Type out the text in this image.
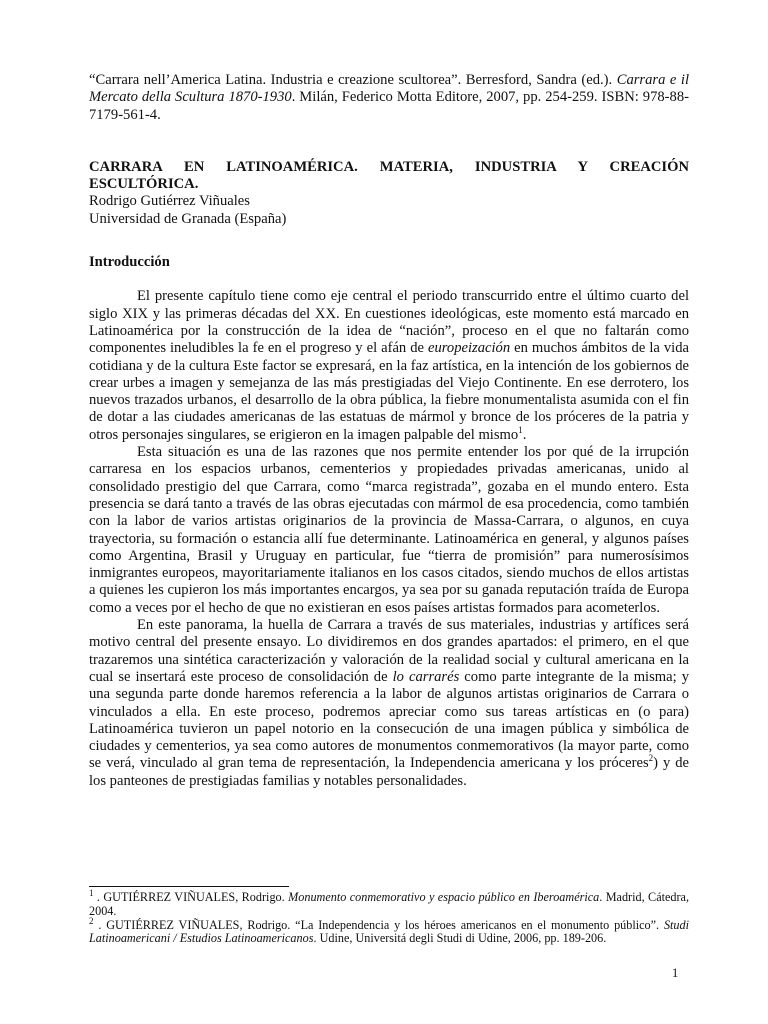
“Carrara nell’America Latina. Industria e creazione scultorea”. Berresford, Sandra (ed.). Carrara e il Mercato della Scultura 1870-1930. Milán, Federico Motta Editore, 2007, pp. 254-259. ISBN: 978-88-7179-561-4.

CARRARA EN LATINOAMÉRICA. MATERIA, INDUSTRIA Y CREACIÓN ESCULTÓRICA.
Rodrigo Gutiérrez Viñuales
Universidad de Granada (España)
Introducción

El presente capítulo tiene como eje central el periodo transcurrido entre el último cuarto del siglo XIX y las primeras décadas del XX. En cuestiones ideológicas, este momento está marcado en Latinoamérica por la construcción de la idea de “nación”, proceso en el que no faltarán como componentes ineludibles la fe en el progreso y el afán de europeización en muchos ámbitos de la vida cotidiana y de la cultura Este factor se expresará, en la faz artística, en la intención de los gobiernos de crear urbes a imagen y semejanza de las más prestigiadas del Viejo Continente. En ese derrotero, los nuevos trazados urbanos, el desarrollo de la obra pública, la fiebre monumentalista asumida con el fin de dotar a las ciudades americanas de las estatuas de mármol y bronce de los próceres de la patria y otros personajes singulares, se erigieron en la imagen palpable del mismo$^1$.

Esta situación es una de las razones que nos permite entender los por qué de la irrupción carraresa en los espacios urbanos, cementerios y propiedades privadas americanas, unido al consolidado prestigio del que Carrara, como “marca registrada”, gozaba en el mundo entero. Esta presencia se dará tanto a través de las obras ejecutadas con mármol de esa procedencia, como también con la labor de varios artistas originarios de la provincia de Massa-Carrara, o algunos, en cuya trayectoria, su formación o estancia allí fue determinante. Latinoamérica en general, y algunos países como Argentina, Brasil y Uruguay en particular, fue “tierra de promisión” para numerosísimos inmigrantes europeos, mayoritariamente italianos en los casos citados, siendo muchos de ellos artistas a quienes les cupieron los más importantes encargos, ya sea por su ganada reputación traída de Europa como a veces por el hecho de que no existieran en esos países artistas formados para acometerlos.

En este panorama, la huella de Carrara a través de sus materiales, industrias y artífices será motivo central del presente ensayo. Lo dividiremos en dos grandes apartados: el primero, en el que trazaremos una sintética caracterización y valoración de la realidad social y cultural americana en la cual se insertará este proceso de consolidación de lo carrarés como parte integrante de la misma; y una segunda parte donde haremos referencia a la labor de algunos artistas originarios de Carrara o vinculados a ella. En este proceso, podremos apreciar como sus tareas artísticas en (o para) Latinoamérica tuvieron un papel notorio en la consecución de una imagen pública y simbólica de ciudades y cementerios, ya sea como autores de monumentos conmemorativos (la mayor parte, como se verá, vinculado al gran tema de representación, la Independencia americana y los próceres$^2$) y de los panteones de prestigiadas familias y notables personalidades.

$^1$ . GUTIÉRREZ VIÑUALES, Rodrigo. Monumento conmemorativo y espacio público en Iberoamérica. Madrid, Cátedra, 2004.

$^2$ . GUTIÉRREZ VIÑUALES, Rodrigo. “La Independencia y los héroes americanos en el monumento público”. Studi Latinoamericani / Estudios Latinoamericanos. Udine, Universitá degli Studi di Udine, 2006, pp. 189-206.

1
